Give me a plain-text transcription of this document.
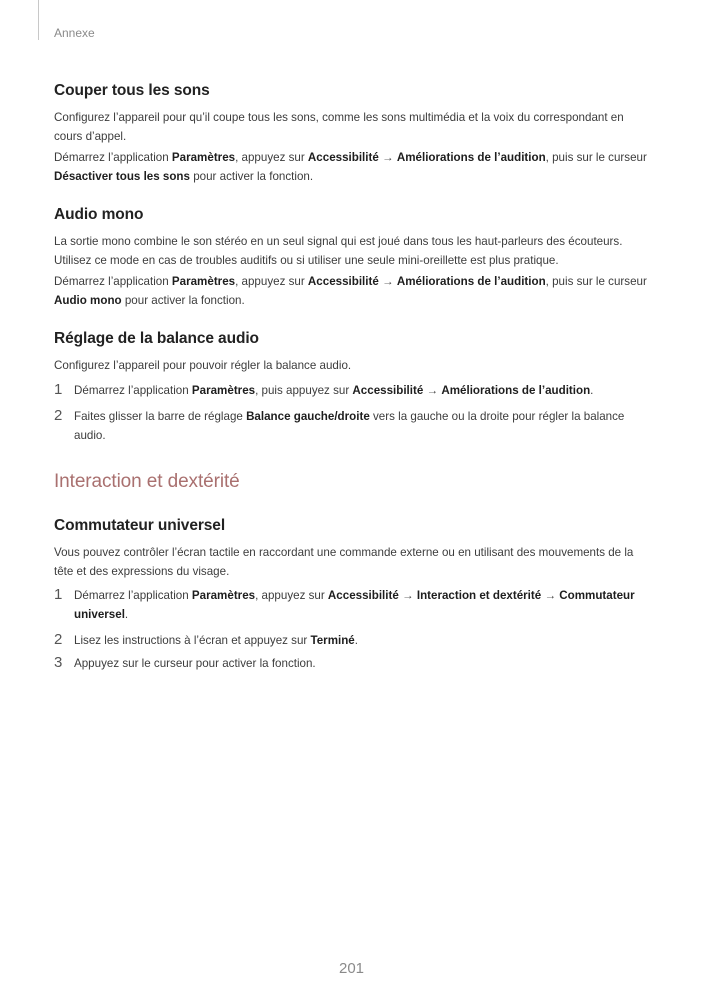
Annexe
Couper tous les sons

Configurez l’appareil pour qu’il coupe tous les sons, comme les sons multimédia et la voix du correspondant en cours d’appel.

Démarrez l’application Paramètres, appuyez sur Accessibilité → Améliorations de l’audition, puis sur le curseur Désactiver tous les sons pour activer la fonction.

Audio mono

La sortie mono combine le son stéréo en un seul signal qui est joué dans tous les haut-parleurs des écouteurs. Utilisez ce mode en cas de troubles auditifs ou si utiliser une seule mini-oreillette est plus pratique.

Démarrez l’application Paramètres, appuyez sur Accessibilité → Améliorations de l’audition, puis sur le curseur Audio mono pour activer la fonction.

Réglage de la balance audio

Configurez l’appareil pour pouvoir régler la balance audio.

1	Démarrez l’application Paramètres, puis appuyez sur Accessibilité → Améliorations de l’audition.
2	Faites glisser la barre de réglage Balance gauche/droite vers la gauche ou la droite pour régler la balance audio.
Interaction et dextérité
Commutateur universel

Vous pouvez contrôler l’écran tactile en raccordant une commande externe ou en utilisant des mouvements de la tête et des expressions du visage.

1	Démarrez l’application Paramètres, appuyez sur Accessibilité → Interaction et dextérité → Commutateur universel.
2	Lisez les instructions à l’écran et appuyez sur Terminé.
3	Appuyez sur le curseur pour activer la fonction.
201
